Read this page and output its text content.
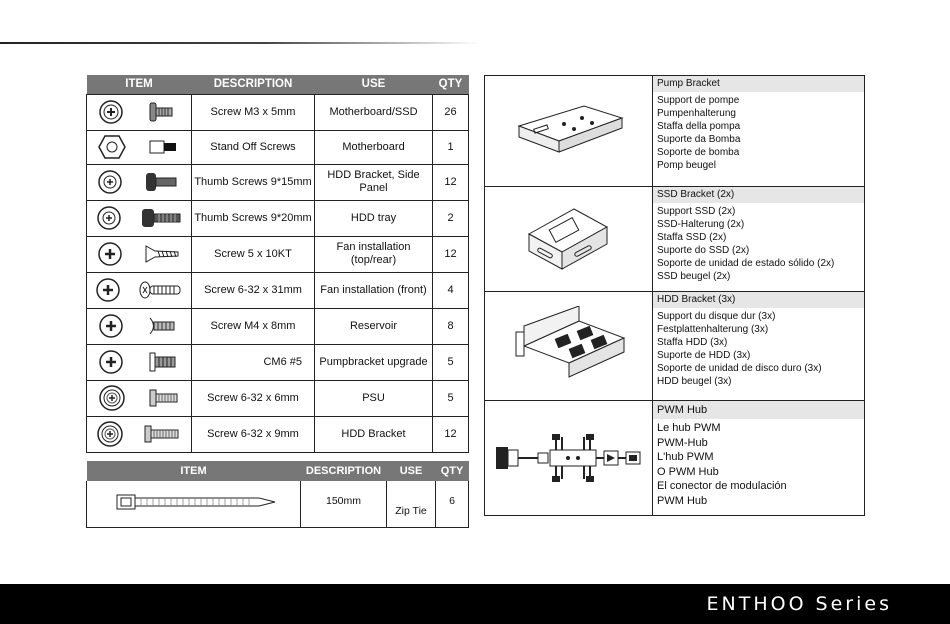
ITEM	DESCRIPTION	USE	QTY

	Screw M3 x 5mm	Motherboard/SSD	26

	Stand Off Screws	Motherboard	1

	Thumb Screws 9*15mm	HDD Bracket, Side Panel	12

	Thumb Screws 9*20mm	HDD tray	2

	Screw 5 x 10KT	Fan installation (top/rear)	12

	Screw 6-32 x 31mm	Fan installation (front)	4

	Screw M4 x 8mm	Reservoir	8

	CM6 #5	Pumpbracket upgrade	5

	Screw 6-32 x 6mm	PSU	5

	Screw 6-32 x 9mm	HDD Bracket	12
ITEM	DESCRIPTION	USE	QTY
	150mm	Zip Tie	6
Pump Bracket
Support de pompe
Pumpenhalterung
Staffa della pompa
Suporte da Bomba
Soporte de bomba
Pomp beugel
SSD Bracket (2x)
Support SSD (2x)
SSD-Halterung (2x)
Staffa SSD (2x)
Suporte do SSD (2x)
Soporte de unidad de estado sólido (2x)
SSD beugel (2x)
HDD Bracket (3x)
Support du disque dur (3x)
Festplattenhalterung (3x)
Staffa HDD (3x)
Suporte de HDD (3x)
Soporte de unidad de disco duro (3x)
HDD beugel (3x)
PWM Hub
Le hub PWM
PWM-Hub
L'hub PWM
O PWM Hub
El conector de modulación
PWM Hub
ENTHOO Series
